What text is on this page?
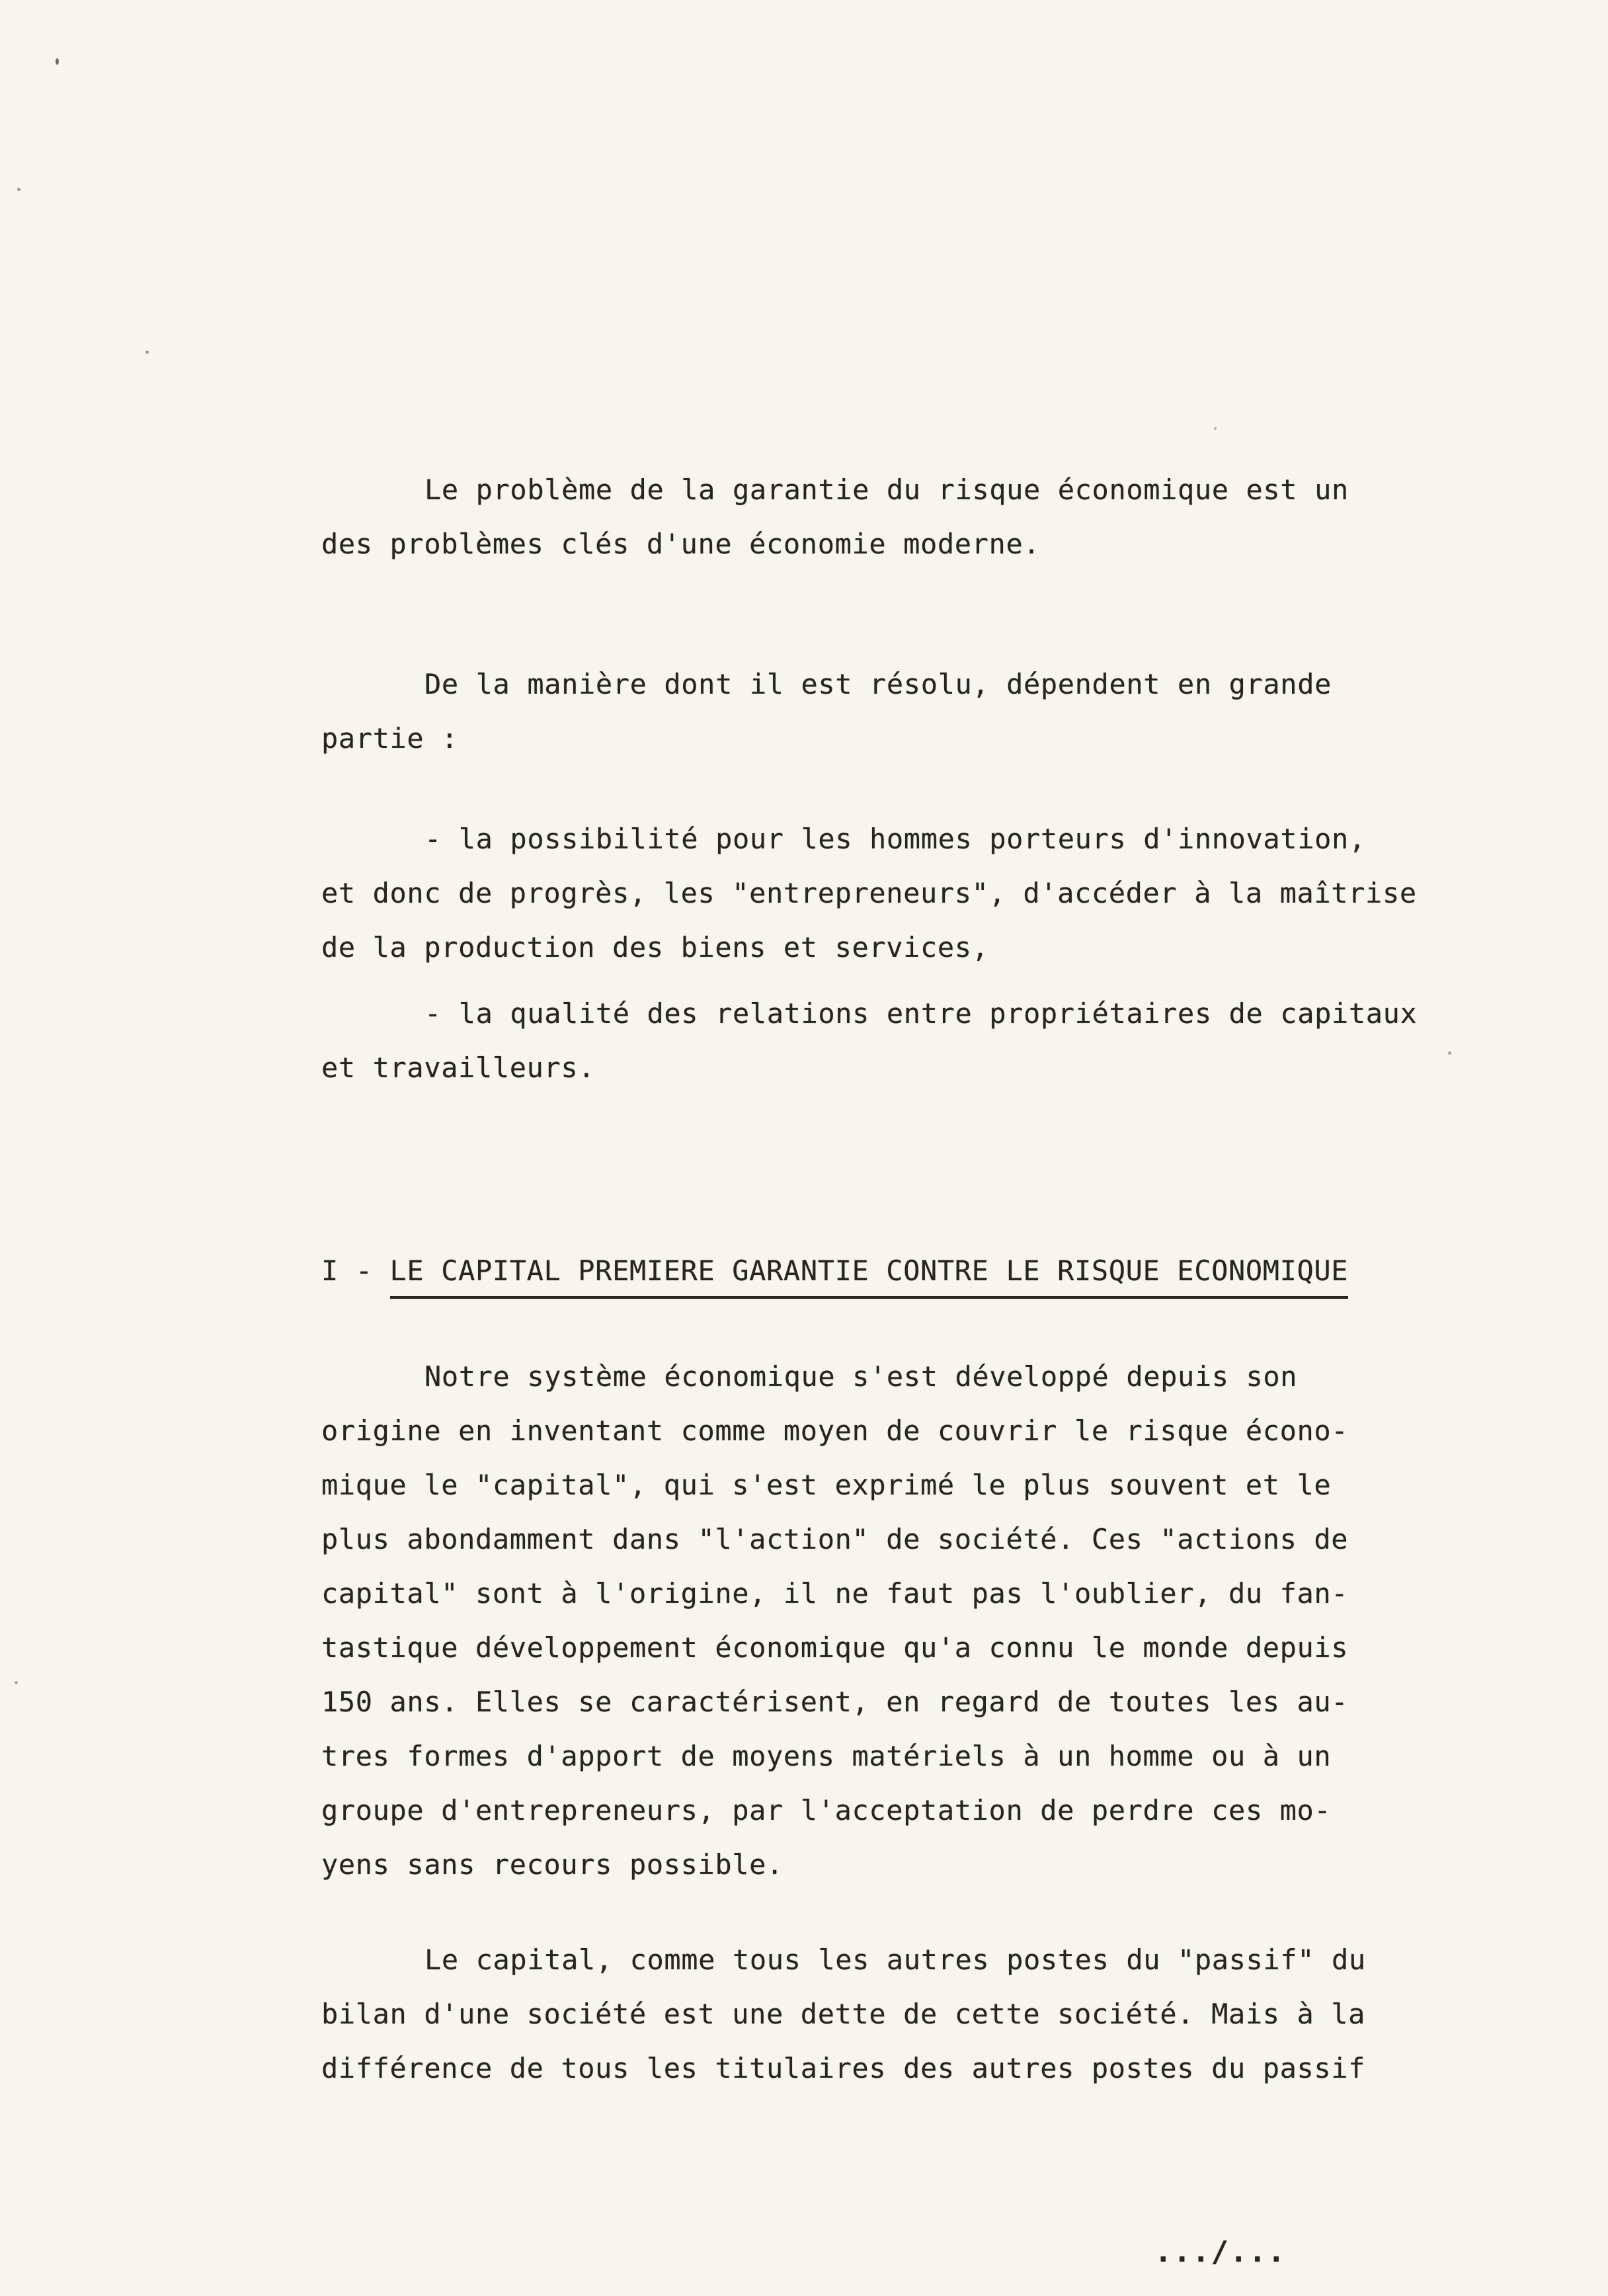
Le problème de la garantie du risque économique est un
des problèmes clés d'une économie moderne.
De la manière dont il est résolu, dépendent en grande
partie :
- la possibilité pour les hommes porteurs d'innovation,
et donc de progrès, les "entrepreneurs", d'accéder à la maîtrise
de la production des biens et services,
- la qualité des relations entre propriétaires de capitaux
et travailleurs.
I - LE CAPITAL PREMIERE GARANTIE CONTRE LE RISQUE ECONOMIQUE
Notre système économique s'est développé depuis son
origine en inventant comme moyen de couvrir le risque écono-
mique le "capital", qui s'est exprimé le plus souvent et le
plus abondamment dans "l'action" de société. Ces "actions de
capital" sont à l'origine, il ne faut pas l'oublier, du fan-
tastique développement économique qu'a connu le monde depuis
150 ans. Elles se caractérisent, en regard de toutes les au-
tres formes d'apport de moyens matériels à un homme ou à un
groupe d'entrepreneurs, par l'acceptation de perdre ces mo-
yens sans recours possible.
Le capital, comme tous les autres postes du "passif" du
bilan d'une société est une dette de cette société. Mais à la
différence de tous les titulaires des autres postes du passif
.../...
